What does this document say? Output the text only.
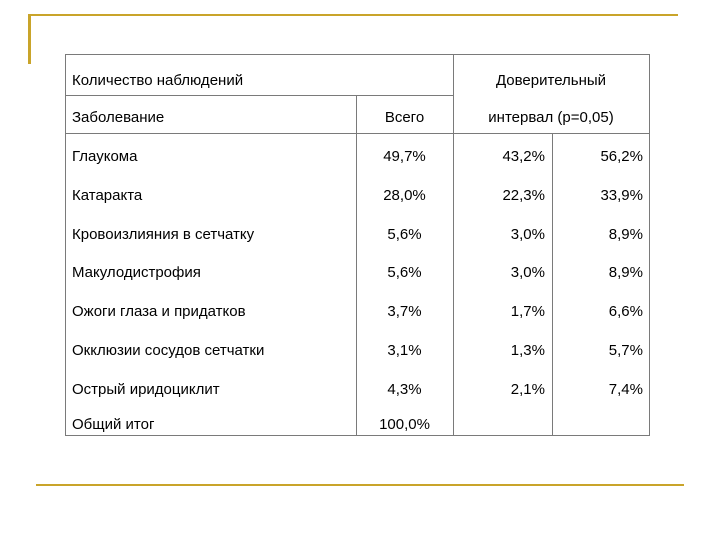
Количество наблюдений	Доверительный
Заболевание	Всего	интервал (p=0,05)
Глаукома	49,7%	43,2%	56,2%
Катаракта	28,0%	22,3%	33,9%
Кровоизлияния в сетчатку	5,6%	3,0%	8,9%
Макулодистрофия	5,6%	3,0%	8,9%
Ожоги глаза и придатков	3,7%	1,7%	6,6%
Окклюзии сосудов сетчатки	3,1%	1,3%	5,7%
Острый иридоциклит	4,3%	2,1%	7,4%
Общий итог	100,0%
